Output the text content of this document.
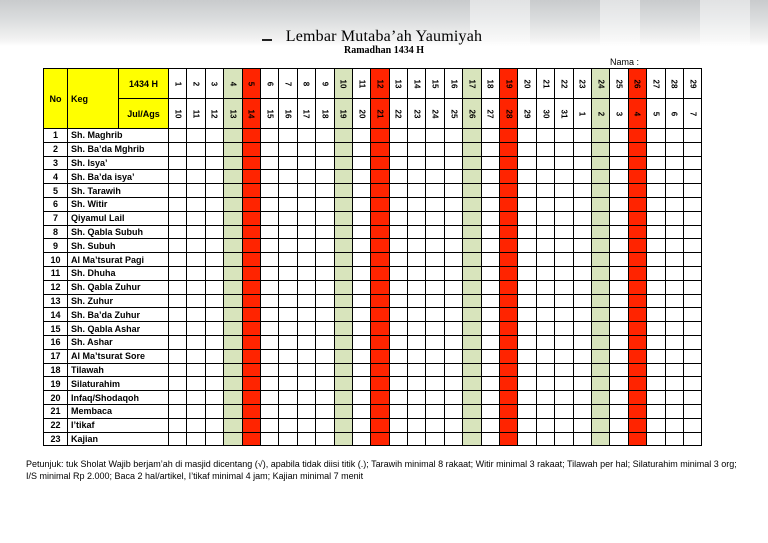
Lembar Mutaba’ah Yaumiyah
Ramadhan 1434 H
Nama :
No	Keg	1434 H	1	2	3	4	5	6	7	8	9	10	11	12	13	14	15	16	17	18	19	20	21	22	23	24	25	26	27	28	29

		Jul/Ags	10	11	12	13	14	15	16	17	18	19	20	21	22	23	24	25	26	27	28	29	30	31	1	2	3	4	5	6	7

1	Sh. Maghrib																														
2	Sh. Ba’da Mghrib																														
3	Sh. Isya’																														
4	Sh. Ba’da isya’																														
5	Sh. Tarawih																														
6	Sh. Witir																														
7	Qiyamul Lail																														
8	Sh. Qabla Subuh																														
9	Sh. Subuh																														
10	Al Ma’tsurat Pagi																														
11	Sh. Dhuha																														
12	Sh. Qabla Zuhur																														
13	Sh. Zuhur																														
14	Sh. Ba’da Zuhur																														
15	Sh. Qabla Ashar																														
16	Sh. Ashar																														
17	Al Ma’tsurat Sore																														
18	Tilawah																														
19	Silaturahim																														
20	Infaq/Shodaqoh																														
21	Membaca																														
22	I’tikaf																														
23	Kajian																														
Petunjuk: tuk Sholat Wajib berjam’ah di masjid dicentang (√), apabila tidak diisi titik (.); Tarawih minimal 8 rakaat; Witir minimal 3 rakaat; Tilawah per hal; Silaturahim minimal 3 org; I/S minimal Rp 2.000; Baca 2 hal/artikel, I’tikaf minimal 4 jam; Kajian minimal 7 menit
